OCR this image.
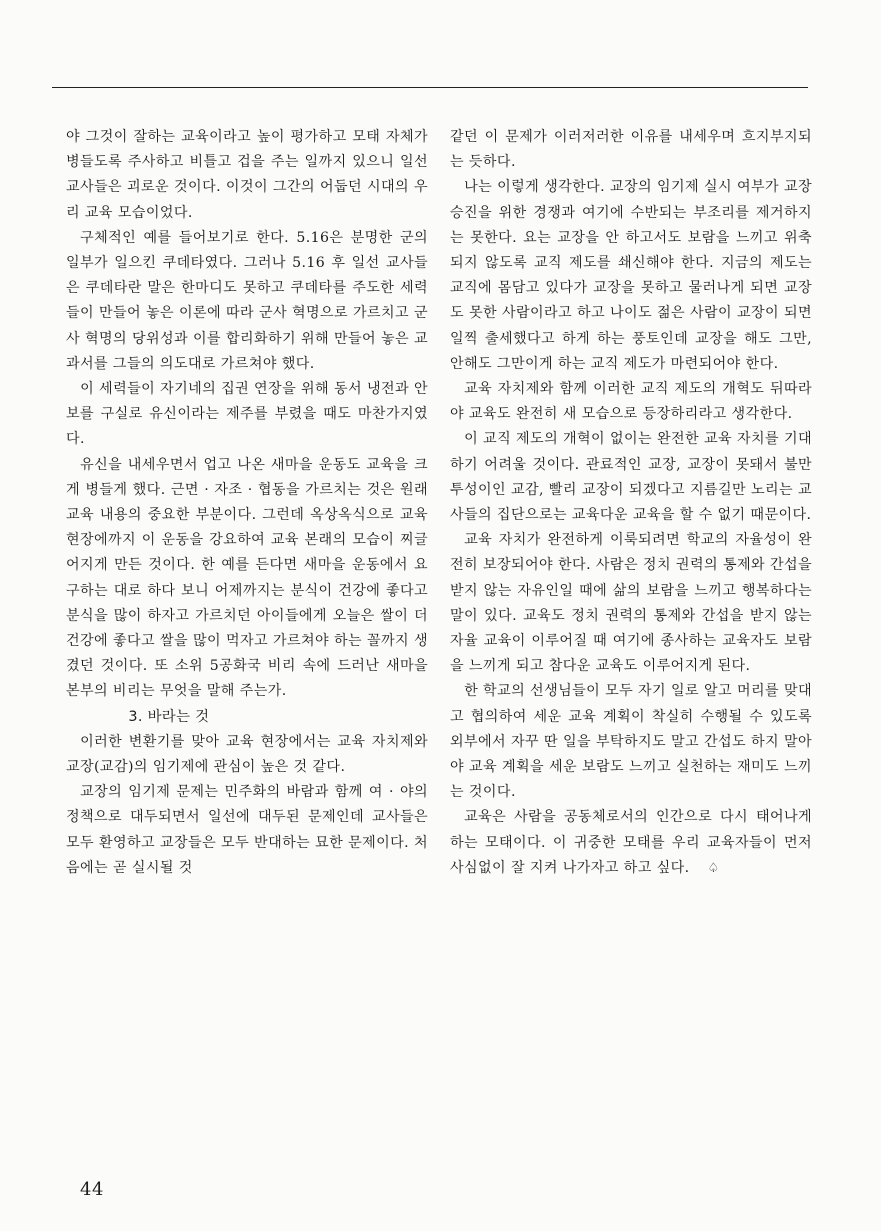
야 그것이 잘하는 교육이라고 높이 평가하고 모태 자체가 병들도록 주사하고 비틀고 겁을 주는 일까지 있으니 일선 교사들은 괴로운 것이다. 이것이 그간의 어둡던 시대의 우리 교육 모습이었다.

구체적인 예를 들어보기로 한다. 5.16은 분명한 군의 일부가 일으킨 쿠데타였다. 그러나 5.16 후 일선 교사들은 쿠데타란 말은 한마디도 못하고 쿠데타를 주도한 세력들이 만들어 놓은 이론에 따라 군사 혁명으로 가르치고 군사 혁명의 당위성과 이를 합리화하기 위해 만들어 놓은 교과서를 그들의 의도대로 가르쳐야 했다.

이 세력들이 자기네의 집권 연장을 위해 동서 냉전과 안보를 구실로 유신이라는 제주를 부렸을 때도 마찬가지였다.

유신을 내세우면서 업고 나온 새마을 운동도 교육을 크게 병들게 했다. 근면 · 자조 · 협동을 가르치는 것은 원래 교육 내용의 중요한 부분이다. 그런데 옥상옥식으로 교육 현장에까지 이 운동을 강요하여 교육 본래의 모습이 찌글어지게 만든 것이다. 한 예를 든다면 새마을 운동에서 요구하는 대로 하다 보니 어제까지는 분식이 건강에 좋다고 분식을 많이 하자고 가르치던 아이들에게 오늘은 쌀이 더 건강에 좋다고 쌀을 많이 먹자고 가르쳐야 하는 꼴까지 생겼던 것이다. 또 소위 5공화국 비리 속에 드러난 새마을 본부의 비리는 무엇을 말해 주는가.

3. 바라는 것

이러한 변환기를 맞아 교육 현장에서는 교육 자치제와 교장(교감)의 임기제에 관심이 높은 것 같다.

교장의 임기제 문제는 민주화의 바람과 함께 여 · 야의 정책으로 대두되면서 일선에 대두된 문제인데 교사들은 모두 환영하고 교장들은 모두 반대하는 묘한 문제이다. 처음에는 곧 실시될 것

같던 이 문제가 이러저러한 이유를 내세우며 흐지부지되는 듯하다.

나는 이렇게 생각한다. 교장의 임기제 실시 여부가 교장 승진을 위한 경쟁과 여기에 수반되는 부조리를 제거하지는 못한다. 요는 교장을 안 하고서도 보람을 느끼고 위축되지 않도록 교직 제도를 쇄신해야 한다. 지금의 제도는 교직에 몸담고 있다가 교장을 못하고 물러나게 되면 교장도 못한 사람이라고 하고 나이도 젊은 사람이 교장이 되면 일찍 출세했다고 하게 하는 풍토인데 교장을 해도 그만, 안해도 그만이게 하는 교직 제도가 마련되어야 한다.

교육 자치제와 함께 이러한 교직 제도의 개혁도 뒤따라야 교육도 완전히 새 모습으로 등장하리라고 생각한다.

이 교직 제도의 개혁이 없이는 완전한 교육 자치를 기대하기 어려울 것이다. 관료적인 교장, 교장이 못돼서 불만투성이인 교감, 빨리 교장이 되겠다고 지름길만 노리는 교사들의 집단으로는 교육다운 교육을 할 수 없기 때문이다.

교육 자치가 완전하게 이룩되려면 학교의 자율성이 완전히 보장되어야 한다. 사람은 정치 권력의 통제와 간섭을 받지 않는 자유인일 때에 삶의 보람을 느끼고 행복하다는 말이 있다. 교육도 정치 권력의 통제와 간섭을 받지 않는 자율 교육이 이루어질 때 여기에 종사하는 교육자도 보람을 느끼게 되고 참다운 교육도 이루어지게 된다.

한 학교의 선생님들이 모두 자기 일로 알고 머리를 맞대고 협의하여 세운 교육 계획이 착실히 수행될 수 있도록 외부에서 자꾸 딴 일을 부탁하지도 말고 간섭도 하지 말아야 교육 계획을 세운 보람도 느끼고 실천하는 재미도 느끼는 것이다.

교육은 사람을 공동체로서의 인간으로 다시 태어나게 하는 모태이다. 이 귀중한 모태를 우리 교육자들이 먼저 사심없이 잘 지켜 나가자고 하고 싶다. ♤

44
